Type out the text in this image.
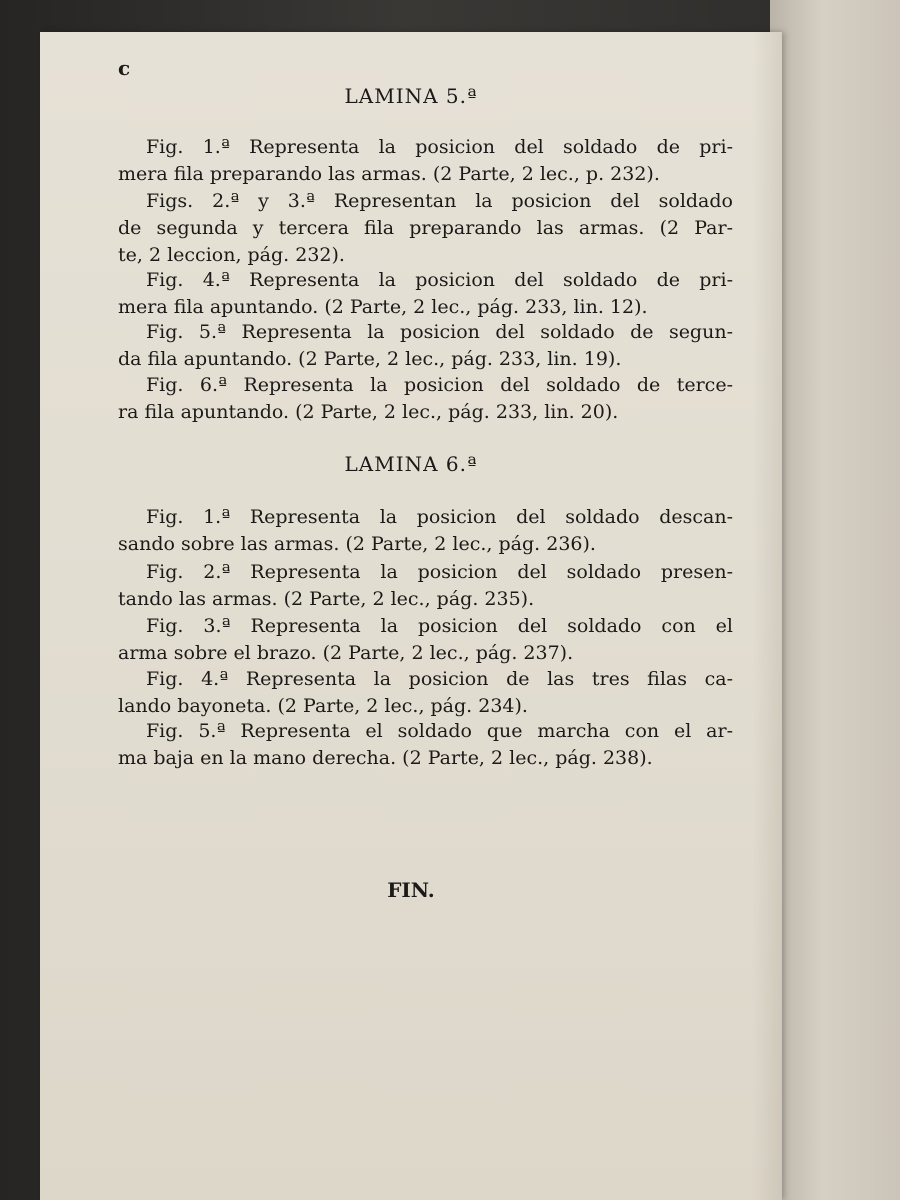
c
LAMINA 5.ª
Fig. 1.ª Representa la posicion del soldado de pri-
mera fila preparando las armas. (2 Parte, 2 lec., p. 232).
Figs. 2.ª y 3.ª Representan la posicion del soldado
de segunda y tercera fila preparando las armas. (2 Par-
te, 2 leccion, pág. 232).
Fig. 4.ª Representa la posicion del soldado de pri-
mera fila apuntando. (2 Parte, 2 lec., pág. 233, lin. 12).
Fig. 5.ª Representa la posicion del soldado de segun-
da fila apuntando. (2 Parte, 2 lec., pág. 233, lin. 19).
Fig. 6.ª Representa la posicion del soldado de terce-
ra fila apuntando. (2 Parte, 2 lec., pág. 233, lin. 20).
LAMINA 6.ª
Fig. 1.ª Representa la posicion del soldado descan-
sando sobre las armas. (2 Parte, 2 lec., pág. 236).
Fig. 2.ª Representa la posicion del soldado presen-
tando las armas. (2 Parte, 2 lec., pág. 235).
Fig. 3.ª Representa la posicion del soldado con el
arma sobre el brazo. (2 Parte, 2 lec., pág. 237).
Fig. 4.ª Representa la posicion de las tres filas ca-
lando bayoneta. (2 Parte, 2 lec., pág. 234).
Fig. 5.ª Representa el soldado que marcha con el ar-
ma baja en la mano derecha. (2 Parte, 2 lec., pág. 238).
FIN.
